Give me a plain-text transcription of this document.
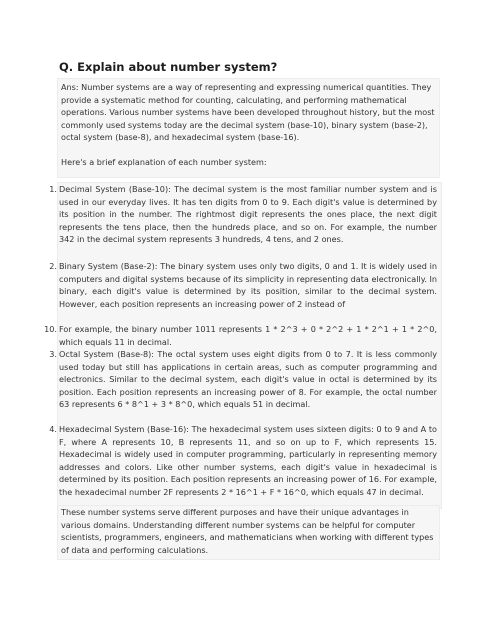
Q. Explain about number system?

Ans: Number systems are a way of representing and expressing numerical quantities. They provide a systematic method for counting, calculating, and performing mathematical operations. Various number systems have been developed throughout history, but the most commonly used systems today are the decimal system (base-10), binary system (base-2), octal system (base-8), and hexadecimal system (base-16).

Here's a brief explanation of each number system:

1. Decimal System (Base-10): The decimal system is the most familiar number system and is used in our everyday lives. It has ten digits from 0 to 9. Each digit's value is determined by its position in the number. The rightmost digit represents the ones place, the next digit represents the tens place, then the hundreds place, and so on. For example, the number 342 in the decimal system represents 3 hundreds, 4 tens, and 2 ones.
2. Binary System (Base-2): The binary system uses only two digits, 0 and 1. It is widely used in computers and digital systems because of its simplicity in representing data electronically. In binary, each digit's value is determined by its position, similar to the decimal system. However, each position represents an increasing power of 2 instead of
10. For example, the binary number 1011 represents 1 * 2^3 + 0 * 2^2 + 1 * 2^1 + 1 * 2^0, which equals 11 in decimal.
3. Octal System (Base-8): The octal system uses eight digits from 0 to 7. It is less commonly used today but still has applications in certain areas, such as computer programming and electronics. Similar to the decimal system, each digit's value in octal is determined by its position. Each position represents an increasing power of 8. For example, the octal number 63 represents 6 * 8^1 + 3 * 8^0, which equals 51 in decimal.
4. Hexadecimal System (Base-16): The hexadecimal system uses sixteen digits: 0 to 9 and A to F, where A represents 10, B represents 11, and so on up to F, which represents 15. Hexadecimal is widely used in computer programming, particularly in representing memory addresses and colors. Like other number systems, each digit's value in hexadecimal is determined by its position. Each position represents an increasing power of 16. For example, the hexadecimal number 2F represents 2 * 16^1 + F * 16^0, which equals 47 in decimal.

These number systems serve different purposes and have their unique advantages in various domains. Understanding different number systems can be helpful for computer scientists, programmers, engineers, and mathematicians when working with different types of data and performing calculations.
